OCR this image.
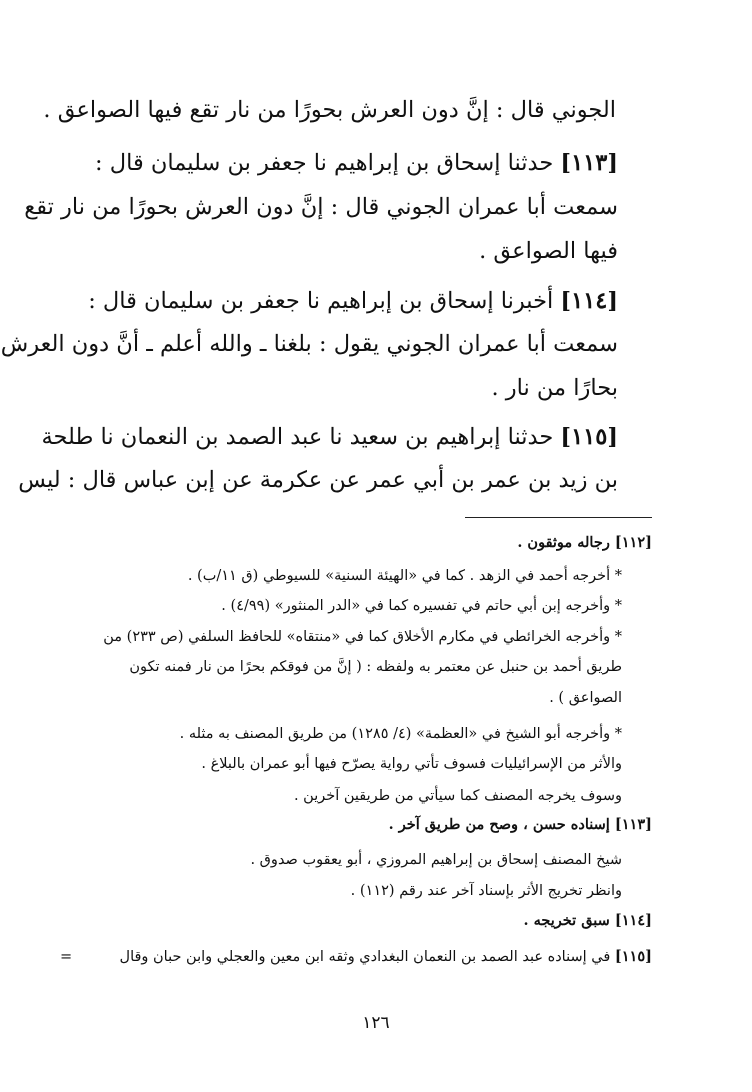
الجوني قال : إنَّ دون العرش بحورًا من نار تقع فيها الصواعق .
[١١٣] حدثنا إسحاق بن إبراهيم نا جعفر بن سليمان قال :
سمعت أبا عمران الجوني قال : إنَّ دون العرش بحورًا من نار تقع
فيها الصواعق .
[١١٤] أخبرنا إسحاق بن إبراهيم نا جعفر بن سليمان قال :
سمعت أبا عمران الجوني يقول : بلغنا ـ والله أعلم ـ أنَّ دون العرش
بحارًا من نار .
[١١٥] حدثنا إبراهيم بن سعيد نا عبد الصمد بن النعمان نا طلحة
بن زيد بن عمر بن أبي عمر عن عكرمة عن إبن عباس قال : ليس
[١١٢] رجاله موثقون .
* أخرجه أحمد في الزهد . كما في «الهيئة السنية» للسيوطي (ق ١١/ب) .
* وأخرجه إبن أبي حاتم في تفسيره كما في «الدر المنثور» (٤/٩٩) .
* وأخرجه الخرائطي في مكارم الأخلاق كما في «منتقاه» للحافظ السلفي (ص ٢٣٣) من
طريق أحمد بن حنبل عن معتمر به ولفظه : ( إنَّ من فوقكم بحرًا من نار فمنه تكون
الصواعق ) .
* وأخرجه أبو الشيخ في «العظمة» (٤/ ١٢٨٥) من طريق المصنف به مثله .
والأثر من الإسرائيليات فسوف تأتي رواية يصرّح فيها أبو عمران بالبلاغ .
وسوف يخرجه المصنف كما سيأتي من طريقين آخرين .
[١١٣] إسناده حسن ، وصح من طريق آخر .
شيخ المصنف إسحاق بن إبراهيم المروزي ، أبو يعقوب صدوق .
وانظر تخريج الأثر بإسناد آخر عند رقم (١١٢) .
[١١٤] سبق تخريجه .
[١١٥] في إسناده عبد الصمد بن النعمان البغدادي وثقه ابن معين والعجلي وابن حبان وقال
=
١٢٦
